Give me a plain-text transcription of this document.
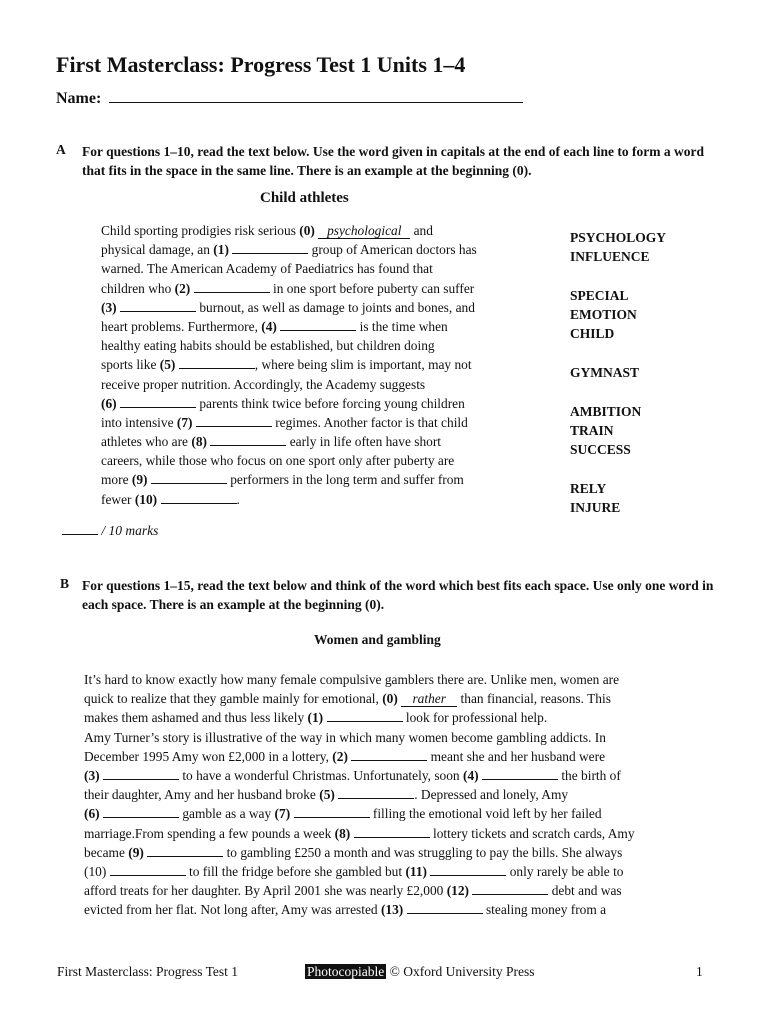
First Masterclass: Progress Test 1 Units 1–4
Name:
A For questions 1–10, read the text below. Use the word given in capitals at the end of each line to form a word that fits in the space in the same line. There is an example at the beginning (0).
Child athletes
Child sporting prodigies risk serious (0) psychological and
physical damage, an (1)	group of American doctors has
warned. The American Academy of Paediatrics has found that
children who (2)	in one sport before puberty can suffer
(3)	burnout, as well as damage to joints and bones, and
heart problems. Furthermore, (4)	is the time when
healthy eating habits should be established, but children doing
sports like (5)	, where being slim is important, may not
receive proper nutrition. Accordingly, the Academy suggests
(6)	parents think twice before forcing young children
into intensive (7)	regimes. Another factor is that child
athletes who are (8)	early in life often have short
careers, while those who focus on one sport only after puberty are
more (9)	performers in the long term and suffer from
fewer (10)	.
PSYCHOLOGY
INFLUENCE
SPECIAL
EMOTION
CHILD
GYMNAST
AMBITION
TRAIN
SUCCESS
RELY
INJURE
/ 10 marks
B For questions 1–15, read the text below and think of the word which best fits each space. Use only one word in each space. There is an example at the beginning (0).
Women and gambling
It’s hard to know exactly how many female compulsive gamblers there are. Unlike men, women are
quick to realize that they gamble mainly for emotional, (0) rather than financial, reasons. This
makes them ashamed and thus less likely (1)	look for professional help.
Amy Turner’s story is illustrative of the way in which many women become gambling addicts. In
December 1995 Amy won £2,000 in a lottery, (2)	meant she and her husband were
(3)	to have a wonderful Christmas. Unfortunately, soon (4)	the birth of
their daughter, Amy and her husband broke (5)	. Depressed and lonely, Amy
(6)	gamble as a way (7)	filling the emotional void left by her failed
marriage.From spending a few pounds a week (8)	lottery tickets and scratch cards, Amy
became (9)	to gambling £250 a month and was struggling to pay the bills. She always
(10)	to fill the fridge before she gambled but (11)	only rarely be able to
afford treats for her daughter. By April 2001 she was nearly £2,000 (12)	debt and was
evicted from her flat. Not long after, Amy was arrested (13)	stealing money from a
First Masterclass: Progress Test 1	Photocopiable © Oxford University Press	1
